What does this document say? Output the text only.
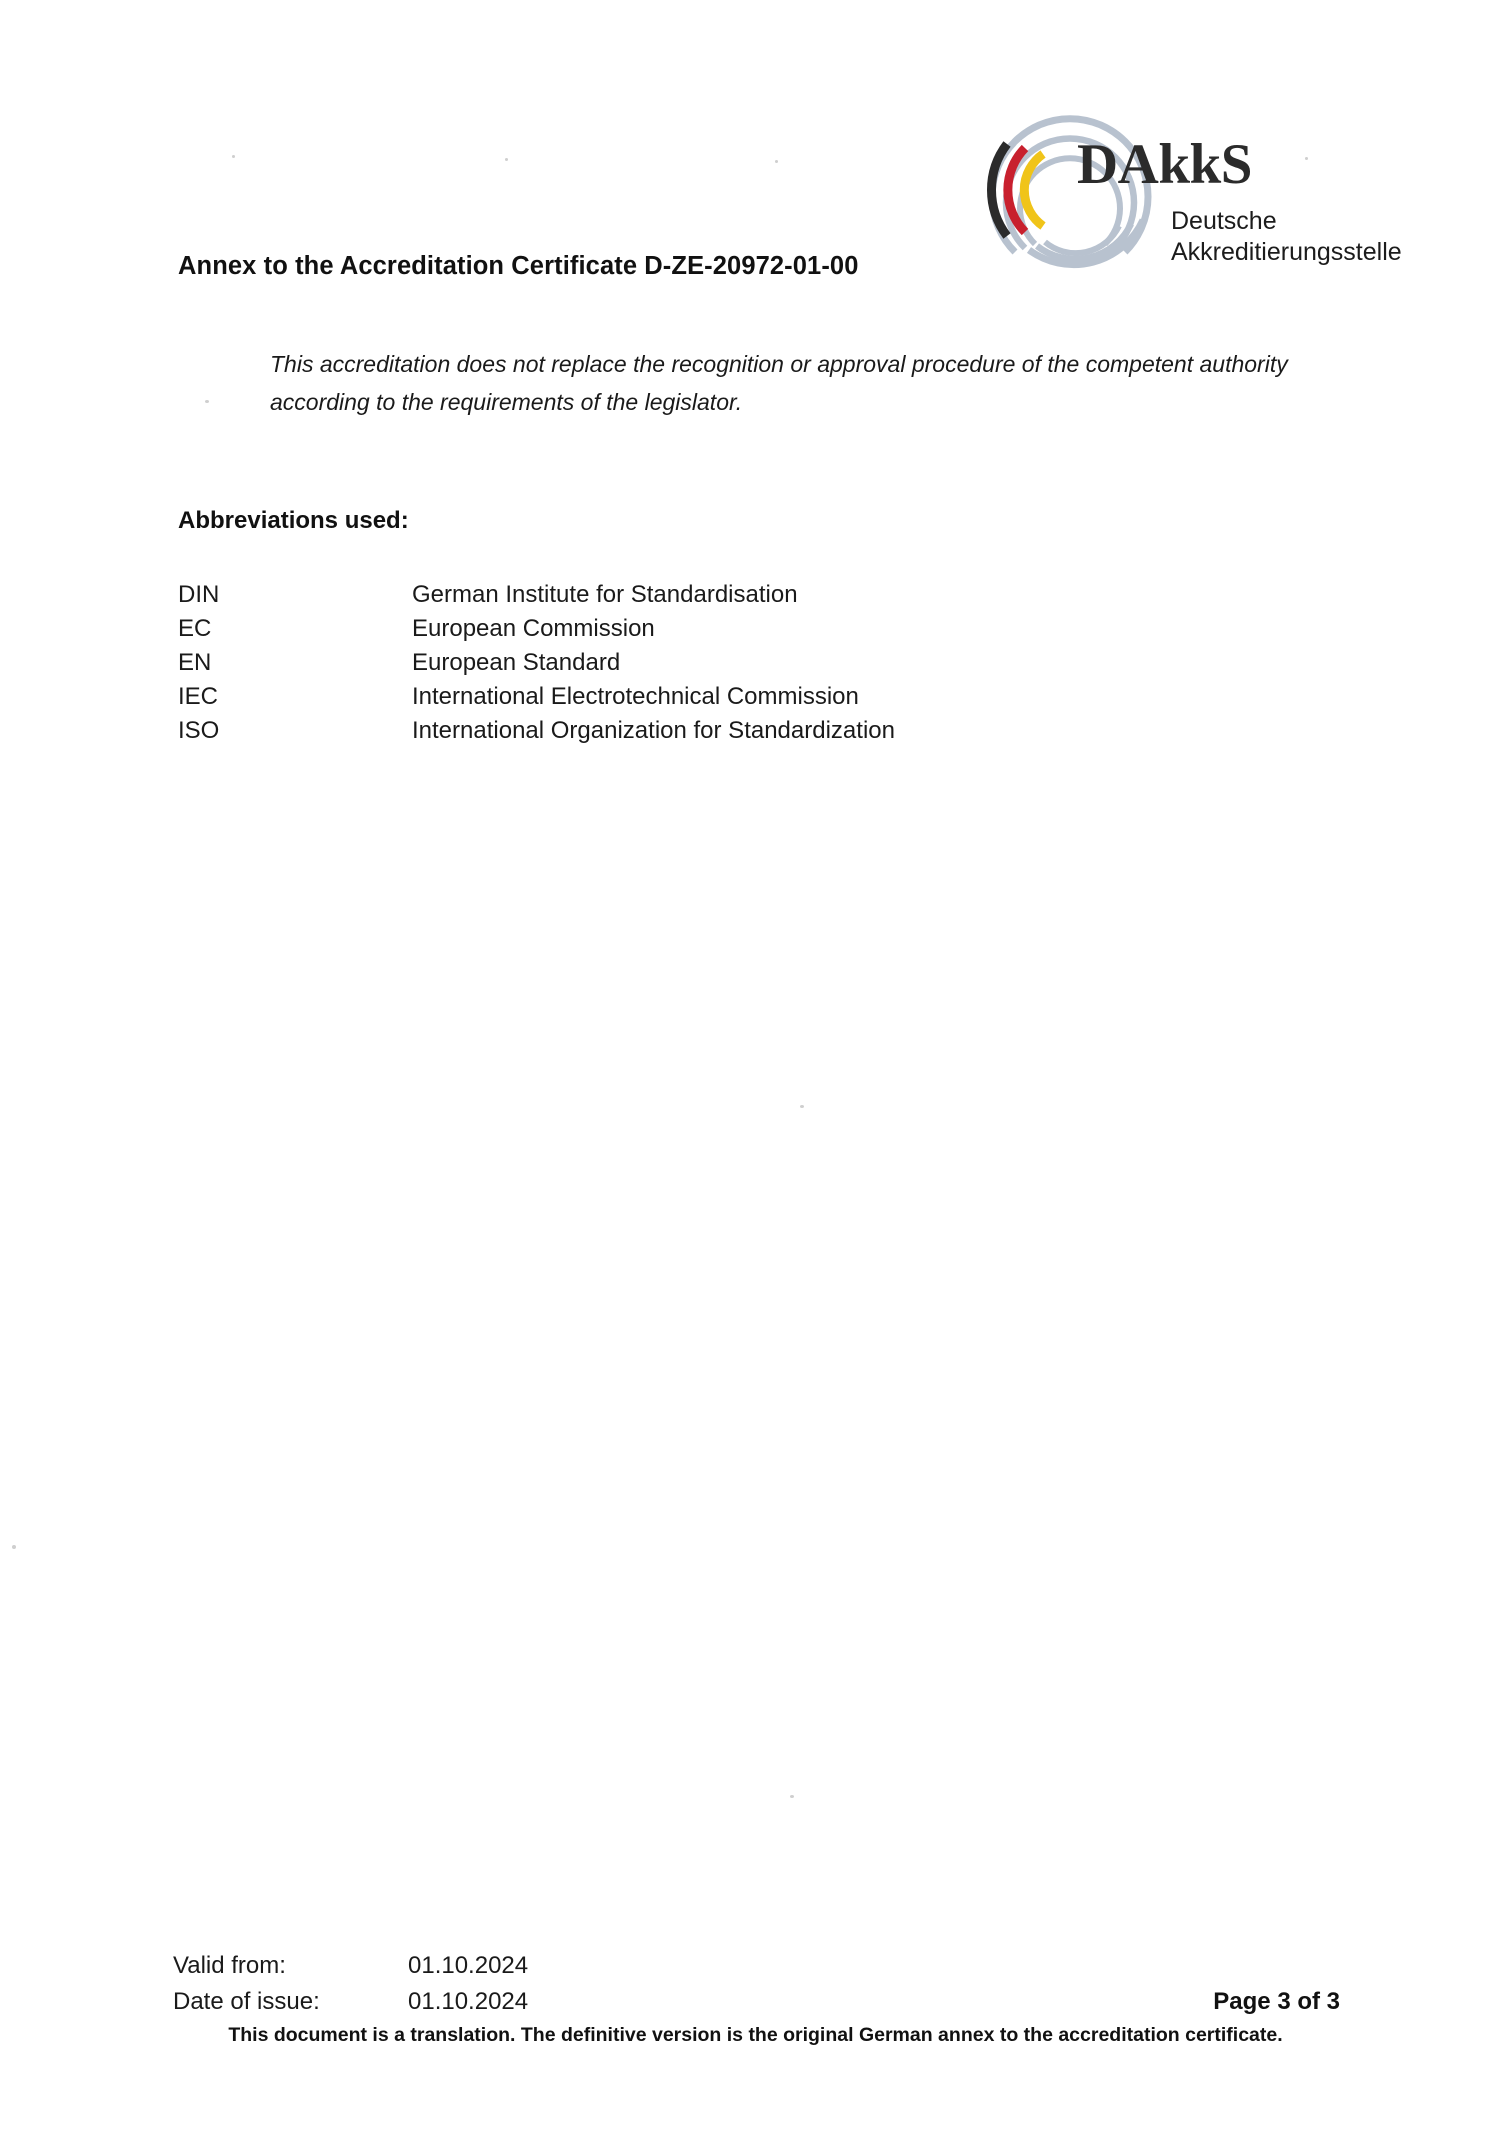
DAkkS
Deutsche
Akkreditierungsstelle
Annex to the Accreditation Certificate D-ZE-20972-01-00
This accreditation does not replace the recognition or approval procedure of the competent authority
according to the requirements of the legislator.
Abbreviations used:
DIN	German Institute for Standardisation
EC	European Commission
EN	European Standard
IEC	International Electrotechnical Commission
ISO	International Organization for Standardization
Valid from:	01.10.2024
Date of issue:	01.10.2024	Page 3 of 3
This document is a translation. The definitive version is the original German annex to the accreditation certificate.
